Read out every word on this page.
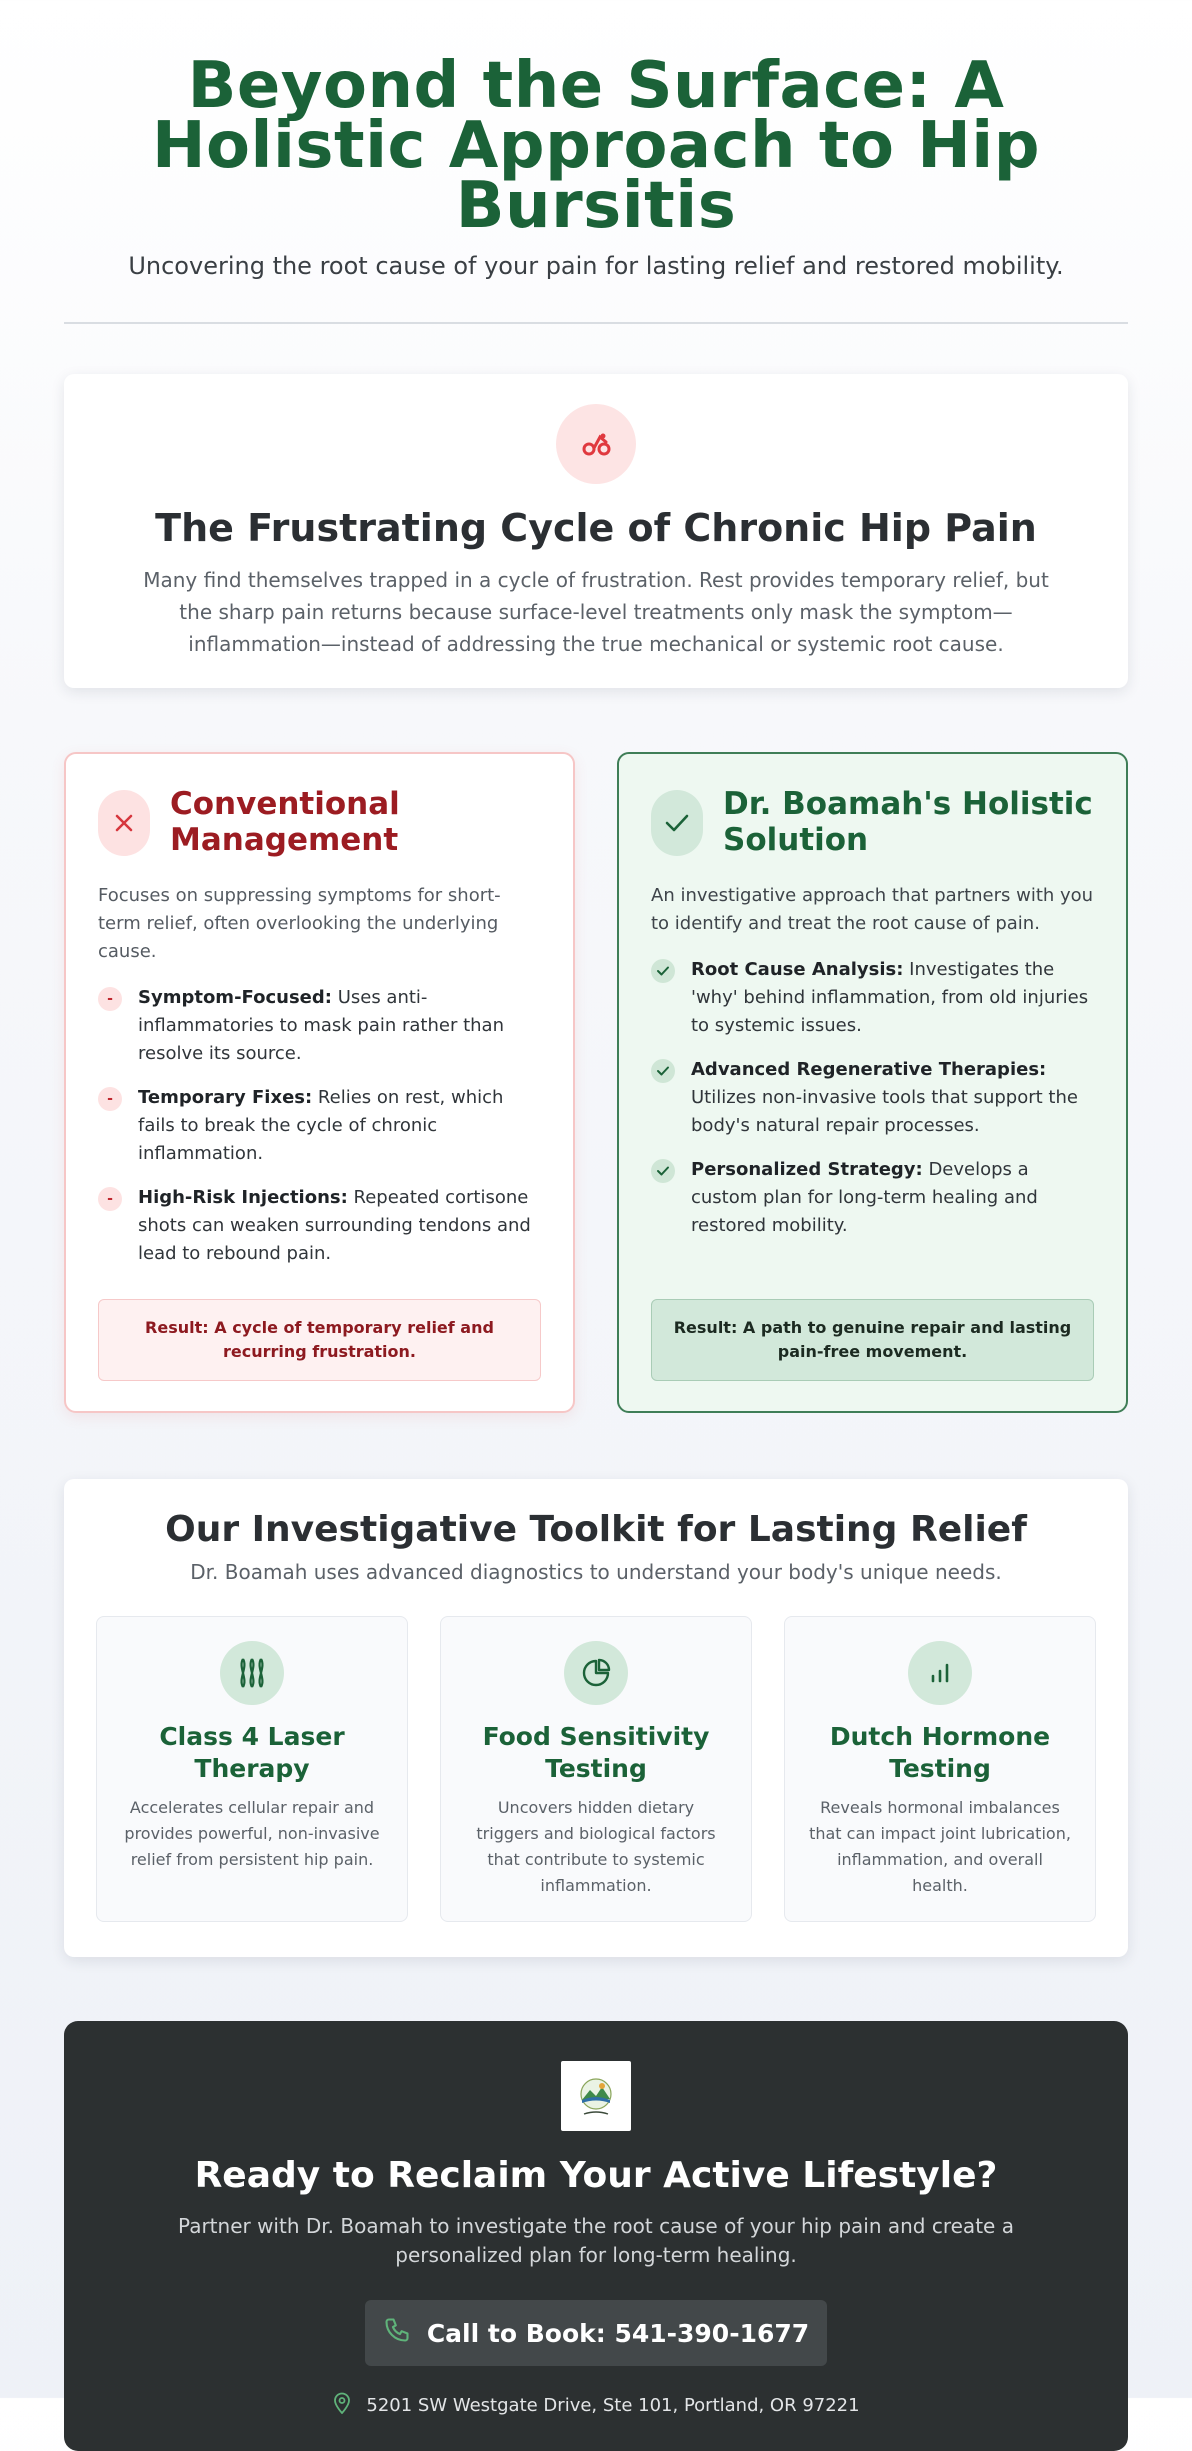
Beyond the Surface: A Holistic Approach to Hip Bursitis

Uncovering the root cause of your pain for lasting relief and restored mobility.

The Frustrating Cycle of Chronic Hip Pain

Many find themselves trapped in a cycle of frustration. Rest provides temporary relief, but the sharp pain returns because surface-level treatments only mask the symptom—inflammation—instead of addressing the true mechanical or systemic root cause.

Conventional Management

Focuses on suppressing symptoms for short-term relief, often overlooking the underlying cause.

-	Symptom-Focused: Uses anti-inflammatories to mask pain rather than resolve its source.
-	Temporary Fixes: Relies on rest, which fails to break the cycle of chronic inflammation.
-	High-Risk Injections: Repeated cortisone shots can weaken surrounding tendons and lead to rebound pain.
Result: A cycle of temporary relief and recurring frustration.
Dr. Boamah's Holistic Solution

An investigative approach that partners with you to identify and treat the root cause of pain.

Root Cause Analysis: Investigates the 'why' behind inflammation, from old injuries to systemic issues.
Advanced Regenerative Therapies: Utilizes non-invasive tools that support the body's natural repair processes.
Personalized Strategy: Develops a custom plan for long-term healing and restored mobility.
Result: A path to genuine repair and lasting pain-free movement.
Our Investigative Toolkit for Lasting Relief

Dr. Boamah uses advanced diagnostics to understand your body's unique needs.

Class 4 Laser Therapy

Accelerates cellular repair and provides powerful, non-invasive relief from persistent hip pain.

Food Sensitivity Testing

Uncovers hidden dietary triggers and biological factors that contribute to systemic inflammation.

Dutch Hormone Testing

Reveals hormonal imbalances that can impact joint lubrication, inflammation, and overall health.

Ready to Reclaim Your Active Lifestyle?

Partner with Dr. Boamah to investigate the root cause of your hip pain and create a personalized plan for long-term healing.

Call to Book: 541-390-1677
5201 SW Westgate Drive, Ste 101, Portland, OR 97221
